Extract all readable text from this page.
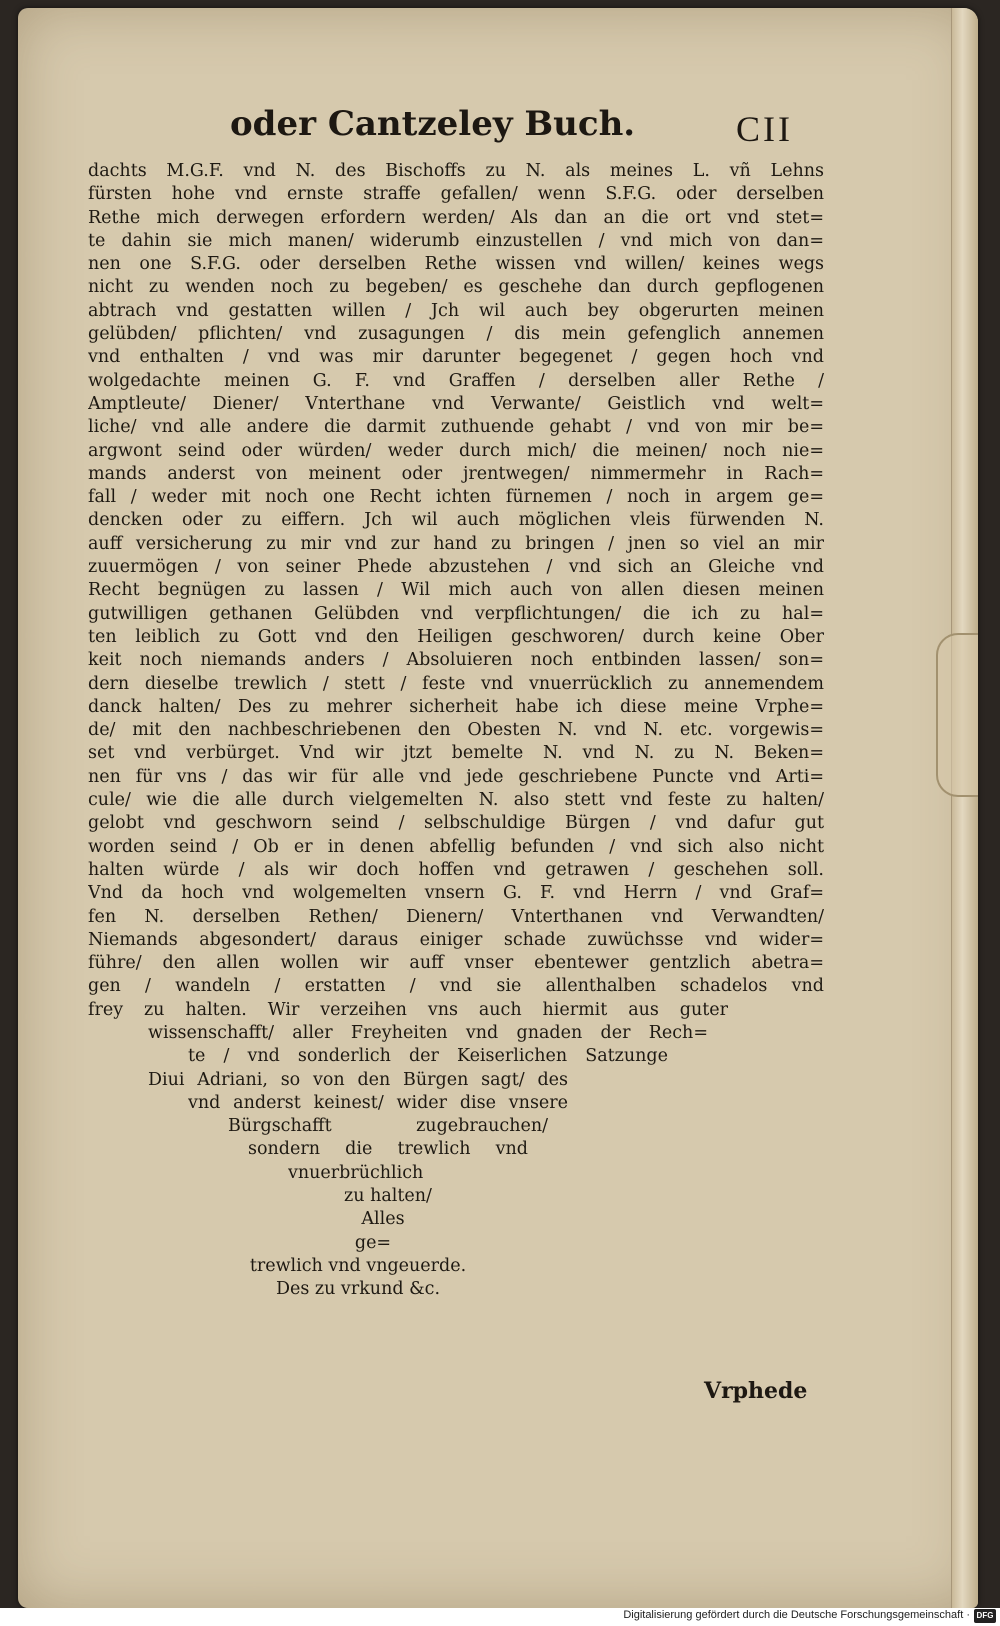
oder Cantzeley Buch.	CII
dachts M.G.F. vnd N. des Bischoffs zu N. als meines L. vñ Lehns
fürsten hohe vnd ernste straffe gefallen/ wenn S.F.G. oder derselben
Rethe mich derwegen erfordern werden/ Als dan an die ort vnd stet=
te dahin sie mich manen/ widerumb einzustellen / vnd mich von dan=
nen one S.F.G. oder derselben Rethe wissen vnd willen/ keines wegs
nicht zu wenden noch zu begeben/ es geschehe dan durch gepflogenen
abtrach vnd gestatten willen / Jch wil auch bey obgerurten meinen
gelübden/ pflichten/ vnd zusagungen / dis mein gefenglich annemen
vnd enthalten / vnd was mir darunter begegenet / gegen hoch vnd
wolgedachte meinen G. F. vnd Graffen / derselben aller Rethe /
Amptleute/ Diener/ Vnterthane vnd Verwante/ Geistlich vnd welt=
liche/ vnd alle andere die darmit zuthuende gehabt / vnd von mir be=
argwont seind oder würden/ weder durch mich/ die meinen/ noch nie=
mands anderst von meinent oder jrentwegen/ nimmermehr in Rach=
fall / weder mit noch one Recht ichten fürnemen / noch in argem ge=
dencken oder zu eiffern. Jch wil auch möglichen vleis fürwenden N.
auff versicherung zu mir vnd zur hand zu bringen / jnen so viel an mir
zuuermögen / von seiner Phede abzustehen / vnd sich an Gleiche vnd
Recht begnügen zu lassen / Wil mich auch von allen diesen meinen
gutwilligen gethanen Gelübden vnd verpflichtungen/ die ich zu hal=
ten leiblich zu Gott vnd den Heiligen geschworen/ durch keine Ober
keit noch niemands anders / Absoluieren noch entbinden lassen/ son=
dern dieselbe trewlich / stett / feste vnd vnuerrücklich zu annemendem
danck halten/ Des zu mehrer sicherheit habe ich diese meine Vrphe=
de/ mit den nachbeschriebenen den Obesten N. vnd N. etc. vorgewis=
set vnd verbürget. Vnd wir jtzt bemelte N. vnd N. zu N. Beken=
nen für vns / das wir für alle vnd jede geschriebene Puncte vnd Arti=
cule/ wie die alle durch vielgemelten N. also stett vnd feste zu halten/
gelobt vnd geschworn seind / selbschuldige Bürgen / vnd dafur gut
worden seind / Ob er in denen abfellig befunden / vnd sich also nicht
halten würde / als wir doch hoffen vnd getrawen / geschehen soll.
Vnd da hoch vnd wolgemelten vnsern G. F. vnd Herrn / vnd Graf=
fen N. derselben Rethen/ Dienern/ Vnterthanen vnd Verwandten/
Niemands abgesondert/ daraus einiger schade zuwüchsse vnd wider=
führe/ den allen wollen wir auff vnser ebentewer gentzlich abetra=
gen / wandeln / erstatten / vnd sie allenthalben schadelos vnd
frey zu halten. Wir verzeihen vns auch hiermit aus guter
wissenschafft/ aller Freyheiten vnd gnaden der Rech=
te / vnd sonderlich der Keiserlichen Satzunge
Diui Adriani, so von den Bürgen sagt/ des
vnd anderst keinest/ wider dise vnsere
Bürgschafft zugebrauchen/
sondern die trewlich vnd
vnuerbrüchlich
zu halten/
Alles
ge=
trewlich vnd vngeuerde.
Des zu vrkund &c.
Vrphede
Digitalisierung gefördert durch die Deutsche Forschungsgemeinschaft · DFG
